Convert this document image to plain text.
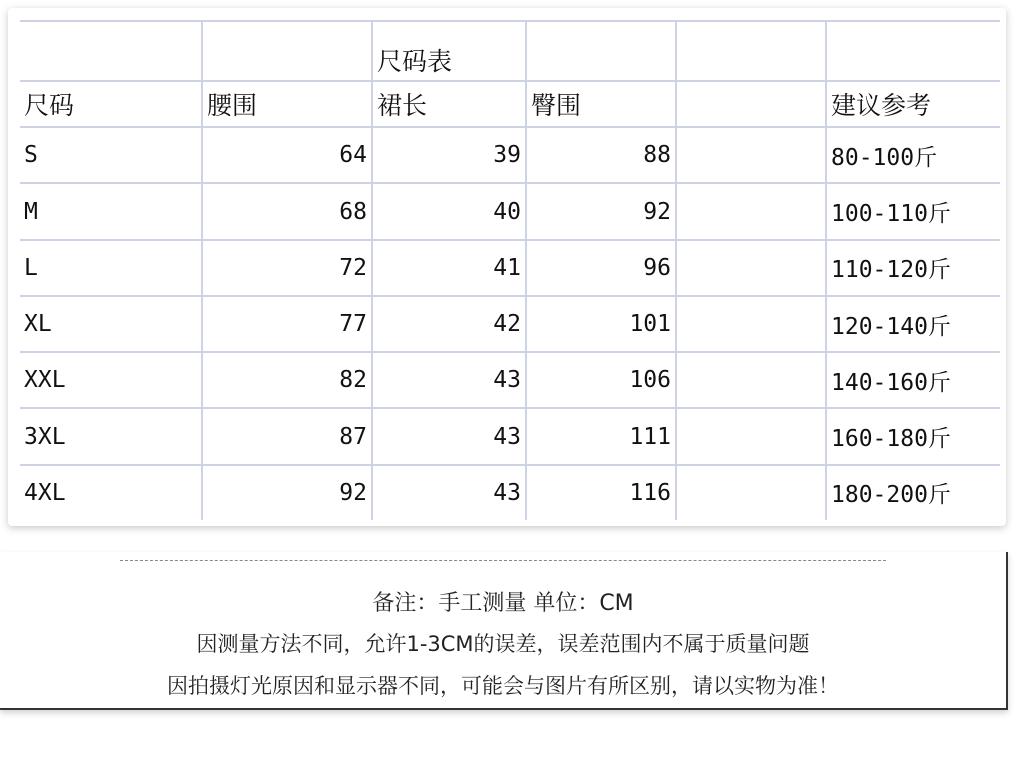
		尺码表			
尺码	腰围	裙长	臀围		建议参考
S	64	39	88		80-100斤
M	68	40	92		100-110斤
L	72	41	96		110-120斤
XL	77	42	101		120-140斤
XXL	82	43	106		140-160斤
3XL	87	43	111		160-180斤
4XL	92	43	116		180-200斤
备注：手工测量 单位：CM
因测量方法不同，允许1-3CM的误差，误差范围内不属于质量问题
因拍摄灯光原因和显示器不同，可能会与图片有所区别，请以实物为准！
